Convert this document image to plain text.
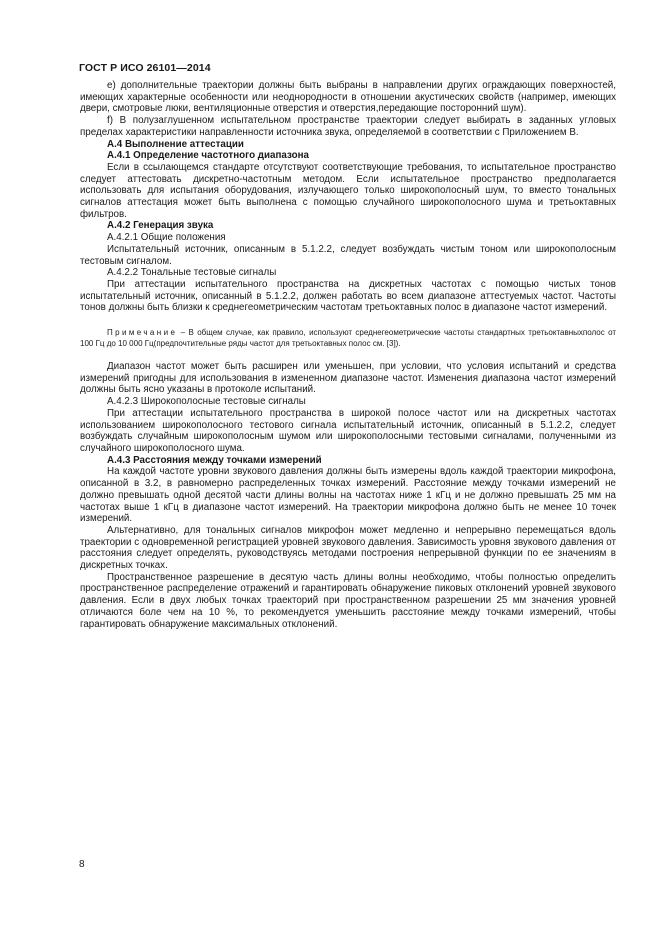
ГОСТ Р ИСО 26101—2014

е) дополнительные траектории должны быть выбраны в направлении других ограждающих поверхностей, имеющих характерные особенности или неоднородности в отношении акустических свойств (например, имеющих двери, смотровые люки, вентиляционные отверстия и отверстия,передающие посторонний шум).

f) В полузаглушенном испытательном пространстве траектории следует выбирать в заданных угловых пределах характеристики направленности источника звука, определяемой в соответствии с Приложением В.

А.4 Выполнение аттестации

А.4.1 Определение частотного диапазона

Если в ссылающемся стандарте отсутствуют соответствующие требования, то испытательное пространство следует аттестовать дискретно-частотным методом. Если испытательное пространство предполагается использовать для испытания оборудования, излучающего только широкополосный шум, то вместо тональных сигналов аттестация может быть выполнена с помощью случайного широкополосного шума и третьоктавных фильтров.

А.4.2 Генерация звука

А.4.2.1 Общие положения

Испытательный источник, описанным в 5.1.2.2, следует возбуждать чистым тоном или широкополосным тестовым сигналом.

А.4.2.2 Тональные тестовые сигналы

При аттестации испытательного пространства на дискретных частотах с помощью чистых тонов испытательный источник, описанный в 5.1.2.2, должен работать во всем диапазоне аттестуемых частот. Частоты тонов должны быть близки к среднегеометрическим частотам третьоктавных полос в диапазоне частот измерений.

Примечание – В общем случае, как правило, используют среднегеометрические частоты стандартных третьоктавныхполос от 100 Гц до 10 000 Гц(предпочтительные ряды частот для третьоктавных полос см. [3]).

Диапазон частот может быть расширен или уменьшен, при условии, что условия испытаний и средства измерений пригодны для использования в измененном диапазоне частот. Изменения диапазона частот измерений должны быть ясно указаны в протоколе испытаний.

А.4.2.3 Широкополосные тестовые сигналы

При аттестации испытательного пространства в широкой полосе частот или на дискретных частотах использованием широкополосного тестового сигнала испытательный источник, описанный в 5.1.2.2, следует возбуждать случайным широкополосным шумом или широкополосными тестовыми сигналами, полученными из случайного широкополосного шума.

А.4.3 Расстояния между точками измерений

На каждой частоте уровни звукового давления должны быть измерены вдоль каждой траектории микрофона, описанной в 3.2, в равномерно распределенных точках измерений. Расстояние между точками измерений не должно превышать одной десятой части длины волны на частотах ниже 1 кГц и не должно превышать 25 мм на частотах выше 1 кГц в диапазоне частот измерений. На траектории микрофона должно быть не менее 10 точек измерений.

Альтернативно, для тональных сигналов микрофон может медленно и непрерывно перемещаться вдоль траектории с одновременной регистрацией уровней звукового давления. Зависимость уровня звукового давления от расстояния следует определять, руководствуясь методами построения непрерывной функции по ее значениям в дискретных точках.

Пространственное разрешение в десятую часть длины волны необходимо, чтобы полностью определить пространственное распределение отражений и гарантировать обнаружение пиковых отклонений уровней звукового давления. Если в двух любых точках траекторий при пространственном разрешении 25 мм значения уровней отличаются боле чем на 10 %, то рекомендуется уменьшить расстояние между точками измерений, чтобы гарантировать обнаружение максимальных отклонений.

8
